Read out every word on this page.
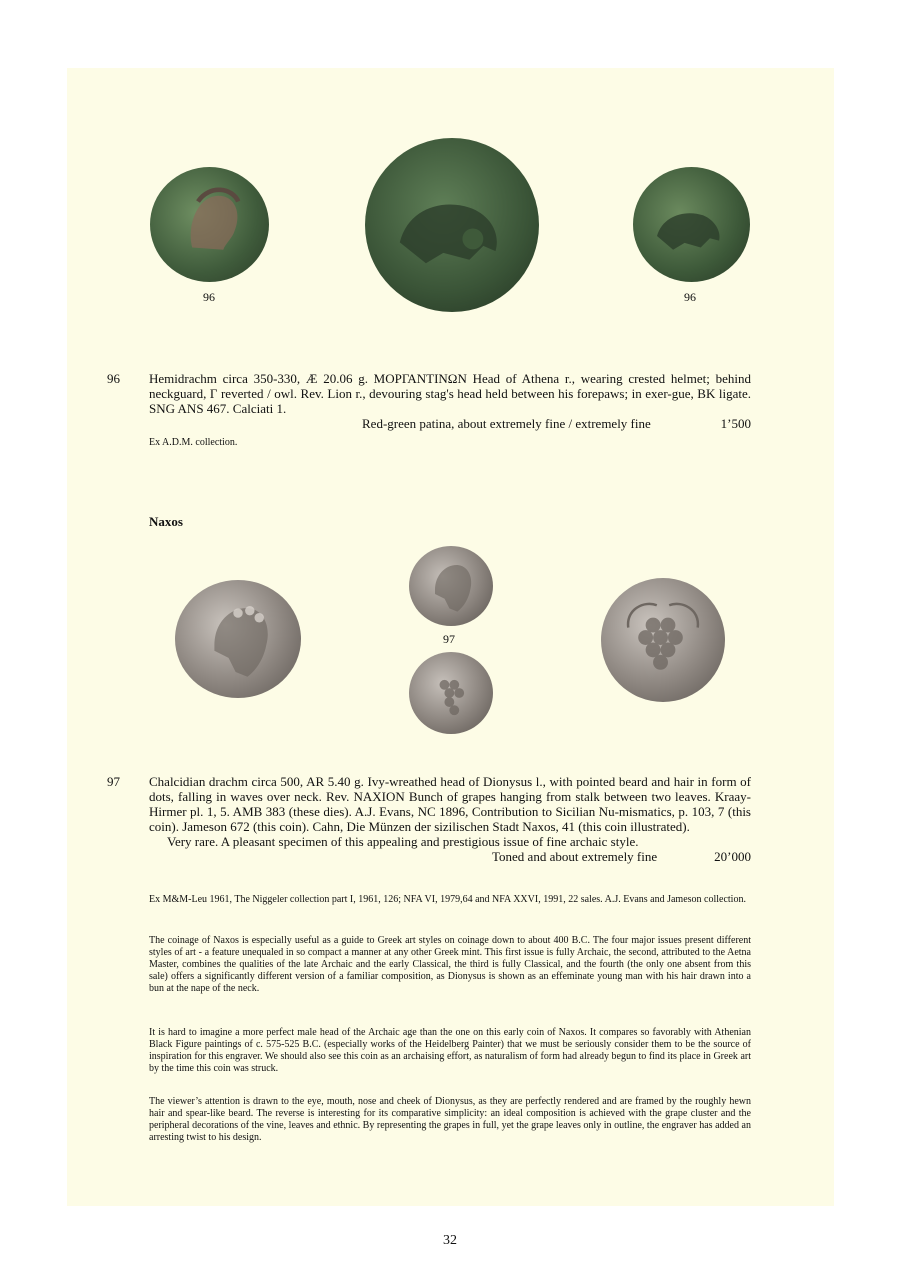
96	96
96 Hemidrachm circa 350-330, Æ 20.06 g. ΜΟΡΓΑΝΤΙΝΩΝ Head of Athena r., wearing crested helmet; behind neckguard, Γ reverted / owl. Rev. Lion r., devouring stag's head held between his forepaws; in exer-gue, BK ligate. SNG ANS 467. Calciati 1.

Red-green patina, about extremely fine / extremely fine	1’500
Ex A.D.M. collection.
Naxos
97
97 Chalcidian drachm circa 500, AR 5.40 g. Ivy-wreathed head of Dionysus l., with pointed beard and hair in form of dots, falling in waves over neck. Rev. ΝΑΧΙΟΝ Bunch of grapes hanging from stalk between two leaves. Kraay-Hirmer pl. 1, 5. AMB 383 (these dies). A.J. Evans, NC 1896, Contribution to Sicilian Nu-mismatics, p. 103, 7 (this coin). Jameson 672 (this coin). Cahn, Die Münzen der sizilischen Stadt Naxos, 41 (this coin illustrated).

Very rare. A pleasant specimen of this appealing and prestigious issue of fine archaic style.
Toned and about extremely fine	20’000
Ex M&M-Leu 1961, The Niggeler collection part I, 1961, 126; NFA VI, 1979,64 and NFA XXVI, 1991, 22 sales. A.J. Evans and Jameson collection.
The coinage of Naxos is especially useful as a guide to Greek art styles on coinage down to about 400 B.C. The four major issues present different styles of art - a feature unequaled in so compact a manner at any other Greek mint. This first issue is fully Archaic, the second, attributed to the Aetna Master, combines the qualities of the late Archaic and the early Classical, the third is fully Classical, and the fourth (the only one absent from this sale) offers a significantly different version of a familiar composition, as Dionysus is shown as an effeminate young man with his hair drawn into a bun at the nape of the neck.
It is hard to imagine a more perfect male head of the Archaic age than the one on this early coin of Naxos. It compares so favorably with Athenian Black Figure paintings of c. 575-525 B.C. (especially works of the Heidelberg Painter) that we must be seriously consider them to be the source of inspiration for this engraver. We should also see this coin as an archaising effort, as naturalism of form had already begun to find its place in Greek art by the time this coin was struck.
The viewer’s attention is drawn to the eye, mouth, nose and cheek of Dionysus, as they are perfectly rendered and are framed by the roughly hewn hair and spear-like beard. The reverse is interesting for its comparative simplicity: an ideal composition is achieved with the grape cluster and the peripheral decorations of the vine, leaves and ethnic. By representing the grapes in full, yet the grape leaves only in outline, the engraver has added an arresting twist to his design.
32
